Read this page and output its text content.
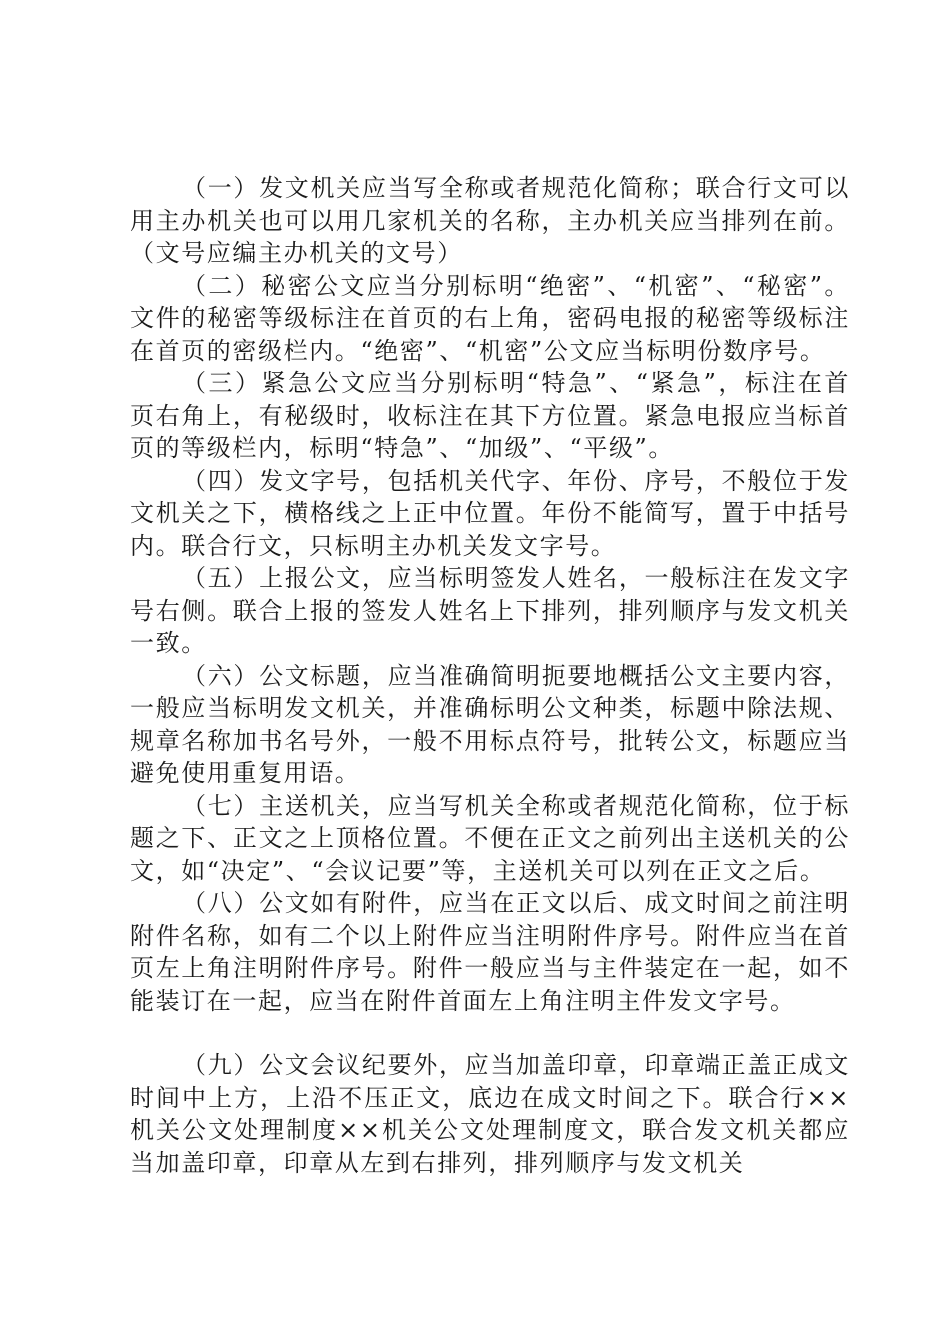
（一）发文机关应当写全称或者规范化简称；联合行文可以用主办机关也可以用几家机关的名称，主办机关应当排列在前。（文号应编主办机关的文号）

（二）秘密公文应当分别标明“绝密”、“机密”、“秘密”。文件的秘密等级标注在首页的右上角，密码电报的秘密等级标注在首页的密级栏内。“绝密”、“机密”公文应当标明份数序号。

（三）紧急公文应当分别标明“特急”、“紧急”，标注在首页右角上，有秘级时，收标注在其下方位置。紧急电报应当标首页的等级栏内，标明“特急”、“加级”、“平级”。

（四）发文字号，包括机关代字、年份、序号，不般位于发文机关之下，横格线之上正中位置。年份不能简写，置于中括号内。联合行文，只标明主办机关发文字号。

（五）上报公文，应当标明签发人姓名，一般标注在发文字号右侧。联合上报的签发人姓名上下排列，排列顺序与发文机关一致。

（六）公文标题，应当准确简明扼要地概括公文主要内容，一般应当标明发文机关，并准确标明公文种类，标题中除法规、规章名称加书名号外，一般不用标点符号，批转公文，标题应当避免使用重复用语。

（七）主送机关，应当写机关全称或者规范化简称，位于标题之下、正文之上顶格位置。不便在正文之前列出主送机关的公文，如“决定”、“会议记要”等，主送机关可以列在正文之后。

（八）公文如有附件，应当在正文以后、成文时间之前注明附件名称，如有二个以上附件应当注明附件序号。附件应当在首页左上角注明附件序号。附件一般应当与主件装定在一起，如不能装订在一起，应当在附件首面左上角注明主件发文字号。

（九）公文会议纪要外，应当加盖印章，印章端正盖正成文时间中上方，上沿不压正文，底边在成文时间之下。联合行××机关公文处理制度××机关公文处理制度文，联合发文机关都应当加盖印章，印章从左到右排列，排列顺序与发文机关
